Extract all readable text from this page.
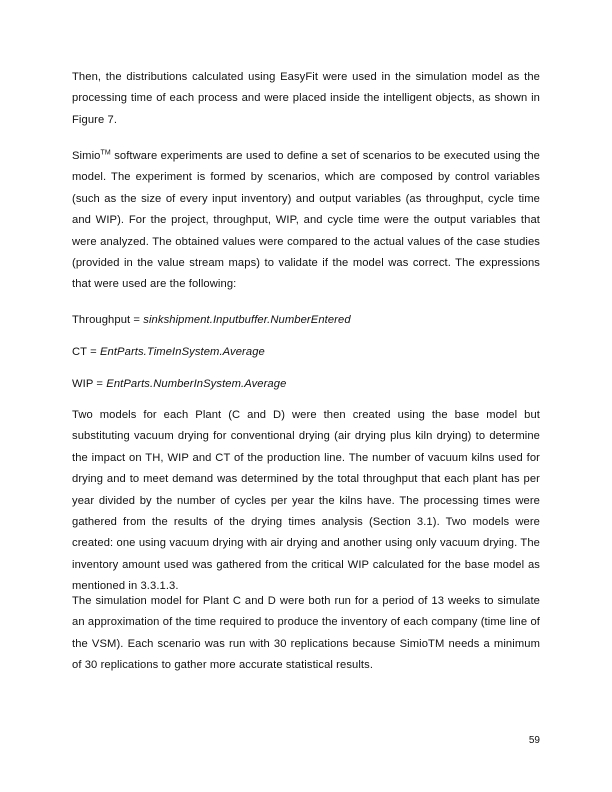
Then, the distributions calculated using EasyFit were used in the simulation model as the processing time of each process and were placed inside the intelligent objects, as shown in Figure 7.

Simio™ software experiments are used to define a set of scenarios to be executed using the model. The experiment is formed by scenarios, which are composed by control variables (such as the size of every input inventory) and output variables (as throughput, cycle time and WIP). For the project, throughput, WIP, and cycle time were the output variables that were analyzed. The obtained values were compared to the actual values of the case studies (provided in the value stream maps) to validate if the model was correct. The expressions that were used are the following:

Throughput = sinkshipment.Inputbuffer.NumberEntered

CT = EntParts.TimeInSystem.Average

WIP = EntParts.NumberInSystem.Average

Two models for each Plant (C and D) were then created using the base model but substituting vacuum drying for conventional drying (air drying plus kiln drying) to determine the impact on TH, WIP and CT of the production line. The number of vacuum kilns used for drying and to meet demand was determined by the total throughput that each plant has per year divided by the number of cycles per year the kilns have. The processing times were gathered from the results of the drying times analysis (Section 3.1). Two models were created: one using vacuum drying with air drying and another using only vacuum drying. The inventory amount used was gathered from the critical WIP calculated for the base model as mentioned in 3.3.1.3.

The simulation model for Plant C and D were both run for a period of 13 weeks to simulate an approximation of the time required to produce the inventory of each company (time line of the VSM). Each scenario was run with 30 replications because SimioTM needs a minimum of 30 replications to gather more accurate statistical results.

59
